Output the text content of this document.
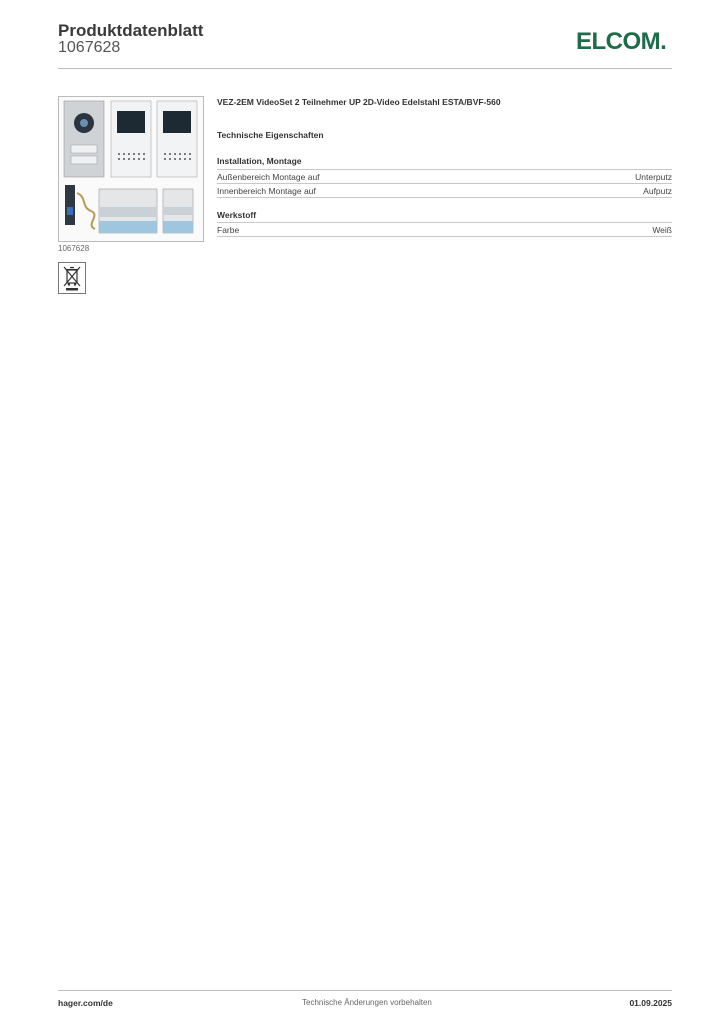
Produktdatenblatt
1067628	ELCOM.
1067628
VEZ-2EM VideoSet 2 Teilnehmer UP 2D-Video Edelstahl ESTA/BVF-560
Technische Eigenschaften
Installation, Montage
Außenbereich Montage auf	Unterputz
Innenbereich Montage auf	Aufputz
Werkstoff
Farbe	Weiß
hager.com/de	Technische Änderungen vorbehalten	01.09.2025
